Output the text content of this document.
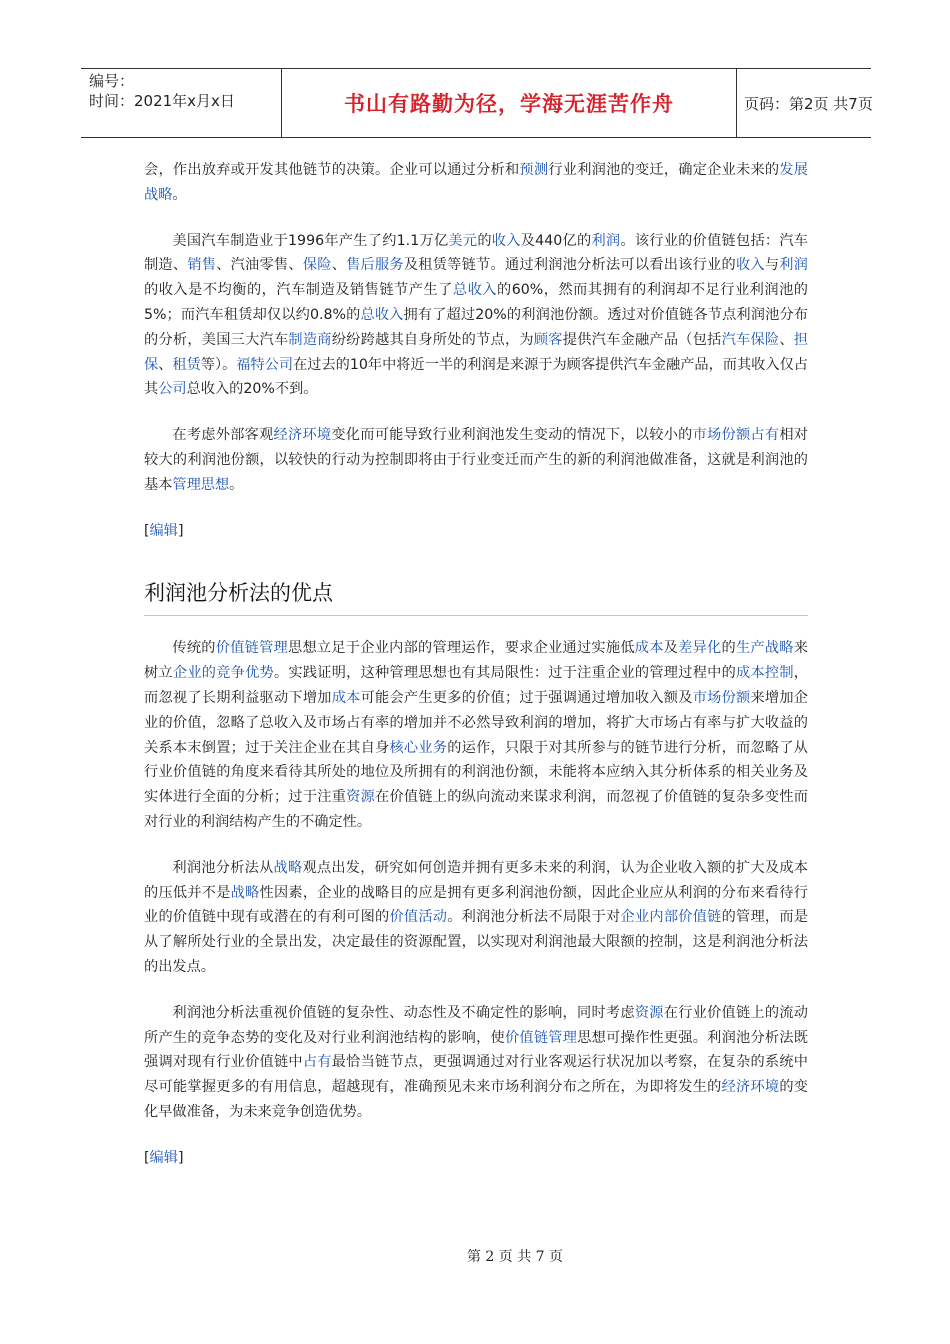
编号：
时间：2021年x月x日	书山有路勤为径，学海无涯苦作舟	页码：第2页 共7页

会，作出放弃或开发其他链节的决策。企业可以通过分析和预测行业利润池的变迁，确定企业未来的发展战略。

美国汽车制造业于1996年产生了约1.1万亿美元的收入及440亿的利润。该行业的价值链包括：汽车制造、销售、汽油零售、保险、售后服务及租赁等链节。通过利润池分析法可以看出该行业的收入与利润的收入是不均衡的，汽车制造及销售链节产生了总收入的60%，然而其拥有的利润却不足行业利润池的5%；而汽车租赁却仅以约0.8%的总收入拥有了超过20%的利润池份额。透过对价值链各节点利润池分布的分析，美国三大汽车制造商纷纷跨越其自身所处的节点，为顾客提供汽车金融产品（包括汽车保险、担保、租赁等）。福特公司在过去的10年中将近一半的利润是来源于为顾客提供汽车金融产品，而其收入仅占其公司总收入的20%不到。

在考虑外部客观经济环境变化而可能导致行业利润池发生变动的情况下，以较小的市场份额占有相对较大的利润池份额，以较快的行动为控制即将由于行业变迁而产生的新的利润池做准备，这就是利润池的基本管理思想。

[编辑]
利润池分析法的优点

传统的价值链管理思想立足于企业内部的管理运作，要求企业通过实施低成本及差异化的生产战略来树立企业的竞争优势。实践证明，这种管理思想也有其局限性：过于注重企业的管理过程中的成本控制，而忽视了长期利益驱动下增加成本可能会产生更多的价值；过于强调通过增加收入额及市场份额来增加企业的价值，忽略了总收入及市场占有率的增加并不必然导致利润的增加，将扩大市场占有率与扩大收益的关系本末倒置；过于关注企业在其自身核心业务的运作，只限于对其所参与的链节进行分析，而忽略了从行业价值链的角度来看待其所处的地位及所拥有的利润池份额，未能将本应纳入其分析体系的相关业务及实体进行全面的分析；过于注重资源在价值链上的纵向流动来谋求利润，而忽视了价值链的复杂多变性而对行业的利润结构产生的不确定性。

利润池分析法从战略观点出发，研究如何创造并拥有更多未来的利润，认为企业收入额的扩大及成本的压低并不是战略性因素，企业的战略目的应是拥有更多利润池份额，因此企业应从利润的分布来看待行业的价值链中现有或潜在的有利可图的价值活动。利润池分析法不局限于对企业内部价值链的管理，而是从了解所处行业的全景出发，决定最佳的资源配置，以实现对利润池最大限额的控制，这是利润池分析法的出发点。

利润池分析法重视价值链的复杂性、动态性及不确定性的影响，同时考虑资源在行业价值链上的流动所产生的竞争态势的变化及对行业利润池结构的影响，使价值链管理思想可操作性更强。利润池分析法既强调对现有行业价值链中占有最恰当链节点，更强调通过对行业客观运行状况加以考察，在复杂的系统中尽可能掌握更多的有用信息，超越现有，准确预见未来市场利润分布之所在，为即将发生的经济环境的变化早做准备，为未来竞争创造优势。

[编辑]
第 2 页 共 7 页
